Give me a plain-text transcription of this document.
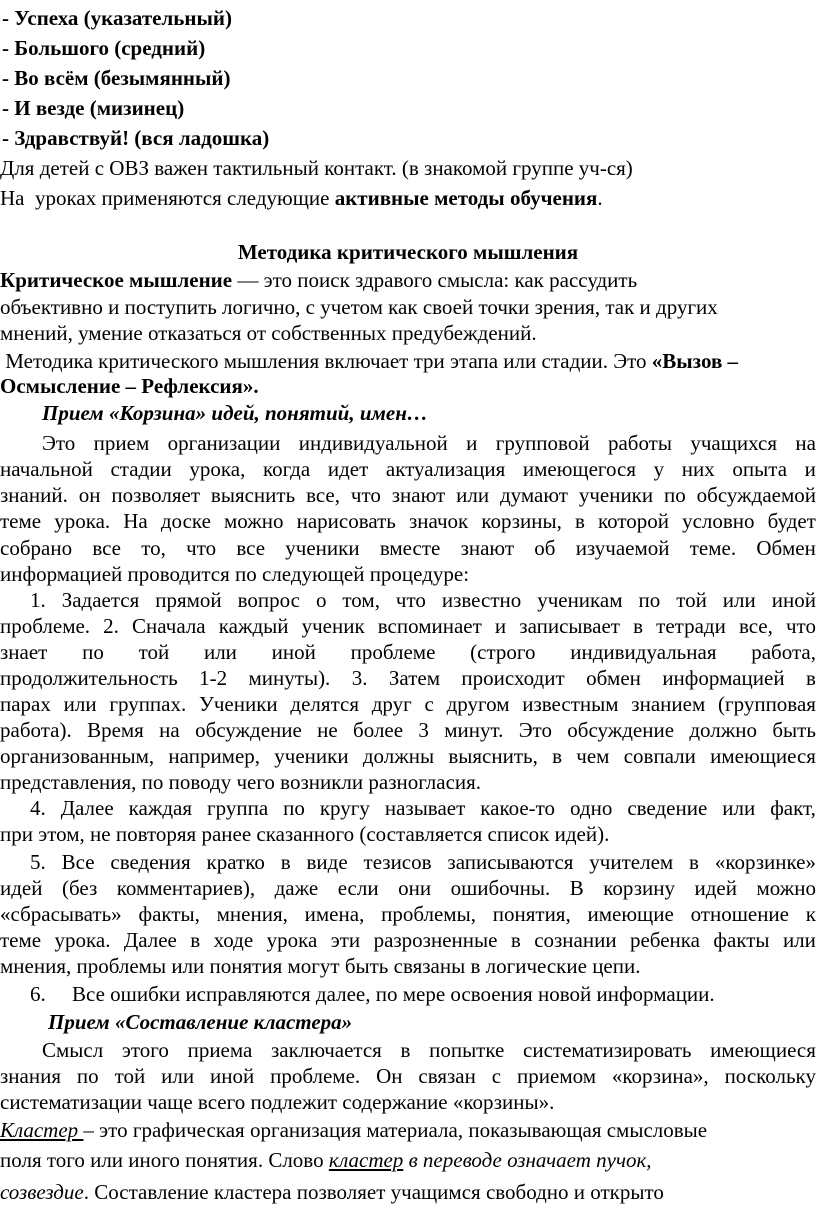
- Успеха (указательный)
- Большого (средний)
- Во всём (безымянный)
- И везде (мизинец)
- Здравствуй! (вся ладошка)
Для детей с ОВЗ важен тактильный контакт. (в знакомой группе уч-ся)
На  уроках применяются следующие активные методы обучения.
Методика критического мышления
Критическое мышление — это поиск здравого смысла: как рассудить
объективно и поступить логично, с учетом как своей точки зрения, так и других
мнений, умение отказаться от собственных предубеждений.
Методика критического мышления включает три этапа или стадии. Это «Вызов –
Осмысление – Рефлексия».
Прием «Корзина» идей, понятий, имен…
Это прием организации индивидуальной и групповой работы учащихся на
начальной стадии урока, когда идет актуализация имеющегося у них опыта и
знаний. он позволяет выяснить все, что знают или думают ученики по обсуждаемой
теме урока. На доске можно нарисовать значок корзины, в которой условно будет
собрано все то, что все ученики вместе знают об изучаемой теме. Обмен
информацией проводится по следующей процедуре:
1. Задается прямой вопрос о том, что известно ученикам по той или иной
проблеме. 2. Сначала каждый ученик вспоминает и записывает в тетради все, что
знает по той или иной проблеме (строго индивидуальная работа,
продолжительность 1-2 минуты). 3. Затем происходит обмен информацией в
парах или группах. Ученики делятся друг с другом известным знанием (групповая
работа). Время на обсуждение не более 3 минут. Это обсуждение должно быть
организованным, например, ученики должны выяснить, в чем совпали имеющиеся
представления, по поводу чего возникли разногласия.
4. Далее каждая группа по кругу называет какое-то одно сведение или факт,
при этом, не повторяя ранее сказанного (составляется список идей).
5. Все сведения кратко в виде тезисов записываются учителем в «корзинке»
идей (без комментариев), даже если они ошибочны. В корзину идей можно
«сбрасывать» факты, мнения, имена, проблемы, понятия, имеющие отношение к
теме урока. Далее в ходе урока эти разрозненные в сознании ребенка факты или
мнения, проблемы или понятия могут быть связаны в логические цепи.
6.     Все ошибки исправляются далее, по мере освоения новой информации.
Прием «Составление кластера»
Смысл этого приема заключается в попытке систематизировать имеющиеся
знания по той или иной проблеме. Он связан с приемом «корзина», поскольку
систематизации чаще всего подлежит содержание «корзины».
Кластер – это графическая организация материала, показывающая смысловые
поля того или иного понятия. Слово кластер в переводе означает пучок,
созвездие. Составление кластера позволяет учащимся свободно и открыто
